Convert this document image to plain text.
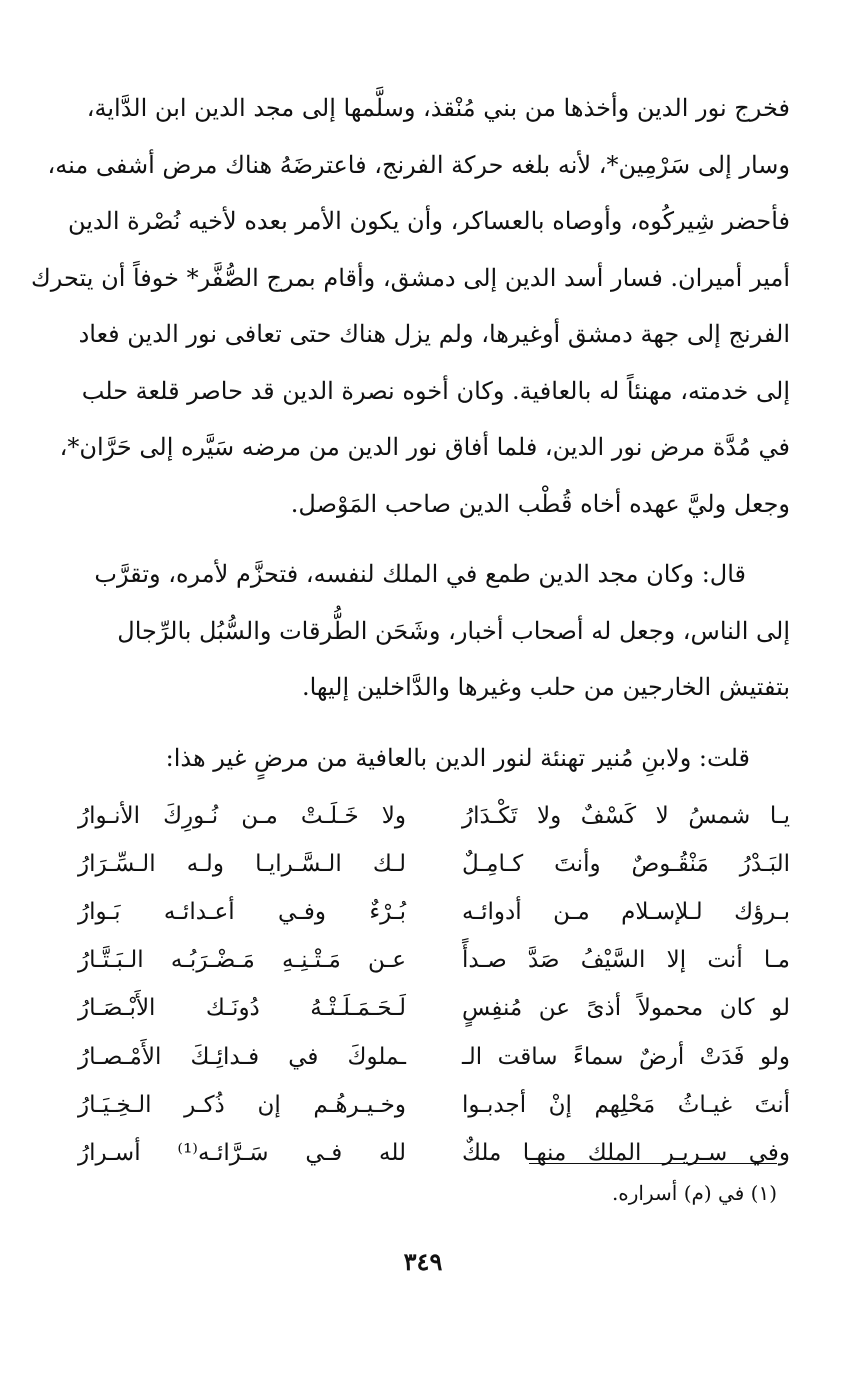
فخرج نور الدين وأخذها من بني مُنْقذ، وسلَّمها إلى مجد الدين ابن الدَّاية،
وسار إلى سَرْمِين*، لأنه بلغه حركة الفرنج، فاعترضَهُ هناك مرض أشفى منه،
فأحضر شِيركُوه، وأوصاه بالعساكر، وأن يكون الأمر بعده لأخيه نُصْرة الدين
أمير أميران. فسار أسد الدين إلى دمشق، وأقام بمرج الصُّفَّر* خوفاً أن يتحرك
الفرنج إلى جهة دمشق أوغيرها، ولم يزل هناك حتى تعافى نور الدين فعاد
إلى خدمته، مهنئاً له بالعافية. وكان أخوه نصرة الدين قد حاصر قلعة حلب
في مُدَّة مرض نور الدين، فلما أفاق نور الدين من مرضه سَيَّره إلى حَرَّان*،
وجعل وليَّ عهده أخاه قُطْب الدين صاحب المَوْصل.

قال: وكان مجد الدين طمع في الملك لنفسه، فتحزَّم لأمره، وتقرَّب
إلى الناس، وجعل له أصحاب أخبار، وشَحَن الطُّرقات والسُّبُل بالرِّجال
بتفتيش الخارجين من حلب وغيرها والدَّاخلين إليها.

قلت: ولابنِ مُنير تهنئة لنور الدين بالعافية من مرضٍ غير هذا:

يـا شمسُ لا كَسْفٌ ولا تَكْـدَارُ
ولا خَـلَـتْ مـن نُـورِكَ الأنـوارُ
البَـدْرُ مَنْقُـوصٌ وأنتَ كـامِـلٌ
لـك الـسَّـرايـا ولـه الـسِّـرَارُ
بـرؤك لـلإسـلام مـن أدوائـه
بُـرْءٌ وفـي أعـدائـه بَـوارُ
مـا أنت إلا السَّيْفُ صَدَّ صـدأً
عـن مَـتْـنِـهِ مَـضْـرَبُـه الـبَـتَّـارُ
لو كان محمولاً أذىً عن مُنفِسٍ
لَـحَـمَـلَـتْـهُ دُونَـك الأَبْـصَـارُ
ولو فَدَتْ أرضٌ سماءً ساقت الـ
ـملوكَ في فـدائِـكَ الأَمْـصـارُ
أنتَ غيـاثُ مَحْلِهم إنْ أجدبـوا
وخـيـرهُـم إن ذُكـر الـخِـيَـارُ
وفي سـريـر الملك منهـا ملكٌ
لله فـي سَـرَّائـه⁽¹⁾ أسـرارُ
(١) في (م) أسراره.
٣٤٩
